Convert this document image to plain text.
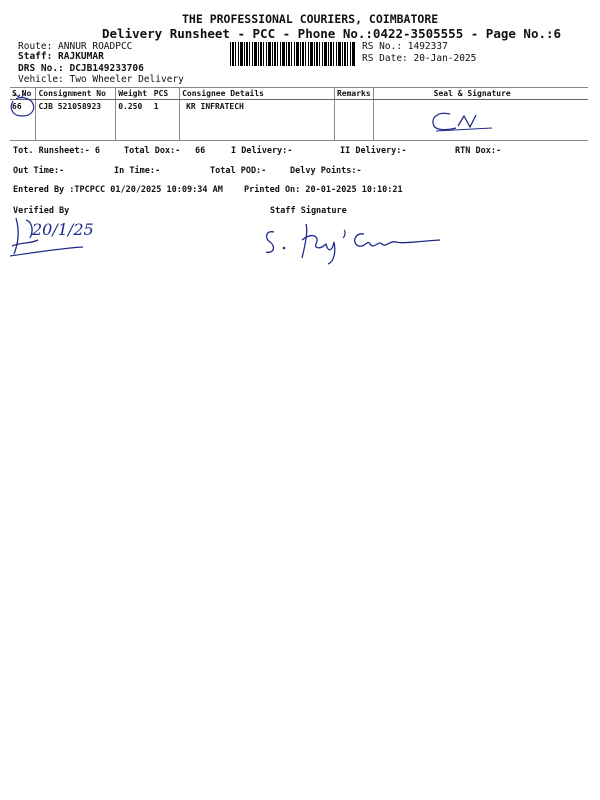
THE PROFESSIONAL COURIERS, COIMBATORE
Delivery Runsheet - PCC - Phone No.:0422-3505555 - Page No.:6
Route: ANNUR ROADPCC
Staff: RAJKUMAR
DRS No.: DCJB149233706
Vehicle: Two Wheeler Delivery
RS No.: 1492337
RS Date: 20-Jan-2025
S.No	Consignment No	Weight	PCS	Consignee Details	Remarks	Seal & Signature
66	CJB 521058923	0.250	1	KR INFRATECH		
Tot. Runsheet:- 6	Total Dox:- 66	I Delivery:-	II Delivery:-	RTN Dox:-
Out Time:-	In Time:-	Total POD:-	Delvy Points:-
Entered By :TPCPCC 01/20/2025 10:09:34 AM Printed On: 20-01-2025 10:10:21
Verified By	Staff Signature
20/1/25
